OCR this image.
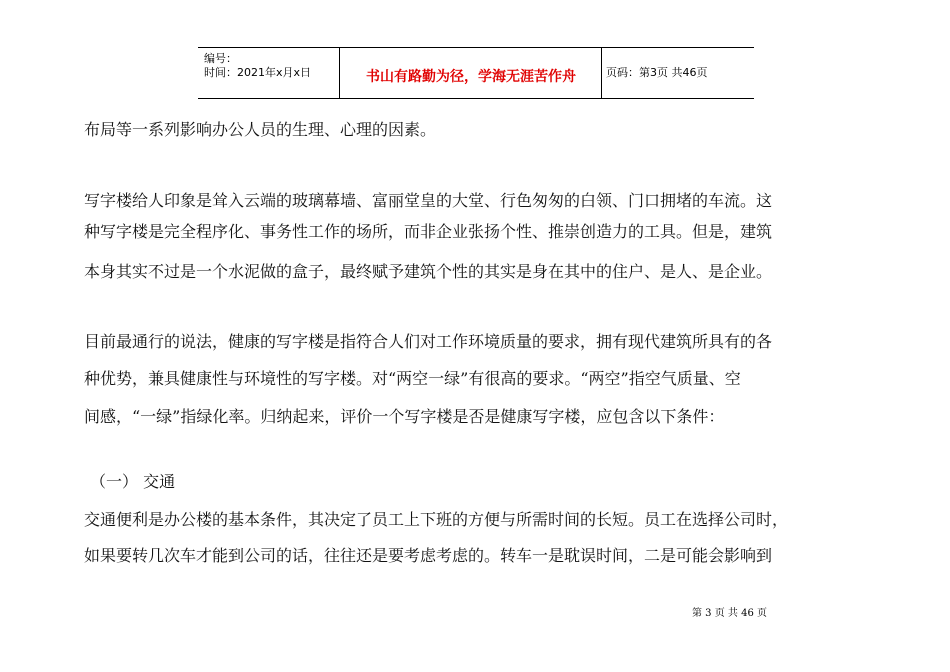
编号：
时间：2021年x月x日	书山有路勤为径，学海无涯苦作舟	页码：第3页 共46页
布局等一系列影响办公人员的生理、心理的因素。
写字楼给人印象是耸入云端的玻璃幕墙、富丽堂皇的大堂、行色匆匆的白领、门口拥堵的车流。这
种写字楼是完全程序化、事务性工作的场所，而非企业张扬个性、推崇创造力的工具。但是，建筑
本身其实不过是一个水泥做的盒子，最终赋予建筑个性的其实是身在其中的住户、是人、是企业。
目前最通行的说法，健康的写字楼是指符合人们对工作环境质量的要求，拥有现代建筑所具有的各
种优势，兼具健康性与环境性的写字楼。对“两空一绿”有很高的要求。“两空”指空气质量、空
间感，“一绿”指绿化率。归纳起来，评价一个写字楼是否是健康写字楼，应包含以下条件：
（一） 交通
交通便利是办公楼的基本条件，其决定了员工上下班的方便与所需时间的长短。员工在选择公司时，
如果要转几次车才能到公司的话，往往还是要考虑考虑的。转车一是耽误时间，二是可能会影响到
第 3 页 共 46 页
